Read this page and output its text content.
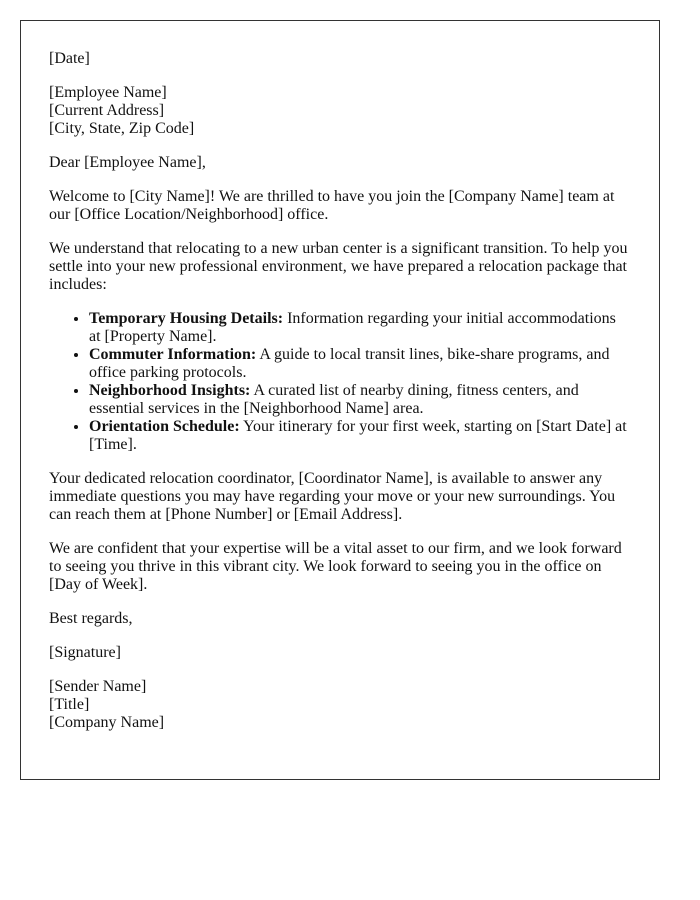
[Date]

[Employee Name]
[Current Address]
[City, State, Zip Code]

Dear [Employee Name],

Welcome to [City Name]! We are thrilled to have you join the [Company Name] team at our [Office Location/Neighborhood] office.

We understand that relocating to a new urban center is a significant transition. To help you settle into your new professional environment, we have prepared a relocation package that includes:

• Temporary Housing Details: Information regarding your initial accommodations at [Property Name].
• Commuter Information: A guide to local transit lines, bike-share programs, and office parking protocols.
• Neighborhood Insights: A curated list of nearby dining, fitness centers, and essential services in the [Neighborhood Name] area.
• Orientation Schedule: Your itinerary for your first week, starting on [Start Date] at [Time].

Your dedicated relocation coordinator, [Coordinator Name], is available to answer any immediate questions you may have regarding your move or your new surroundings. You can reach them at [Phone Number] or [Email Address].

We are confident that your expertise will be a vital asset to our firm, and we look forward to seeing you thrive in this vibrant city. We look forward to seeing you in the office on [Day of Week].

Best regards,

[Signature]

[Sender Name]
[Title]
[Company Name]
